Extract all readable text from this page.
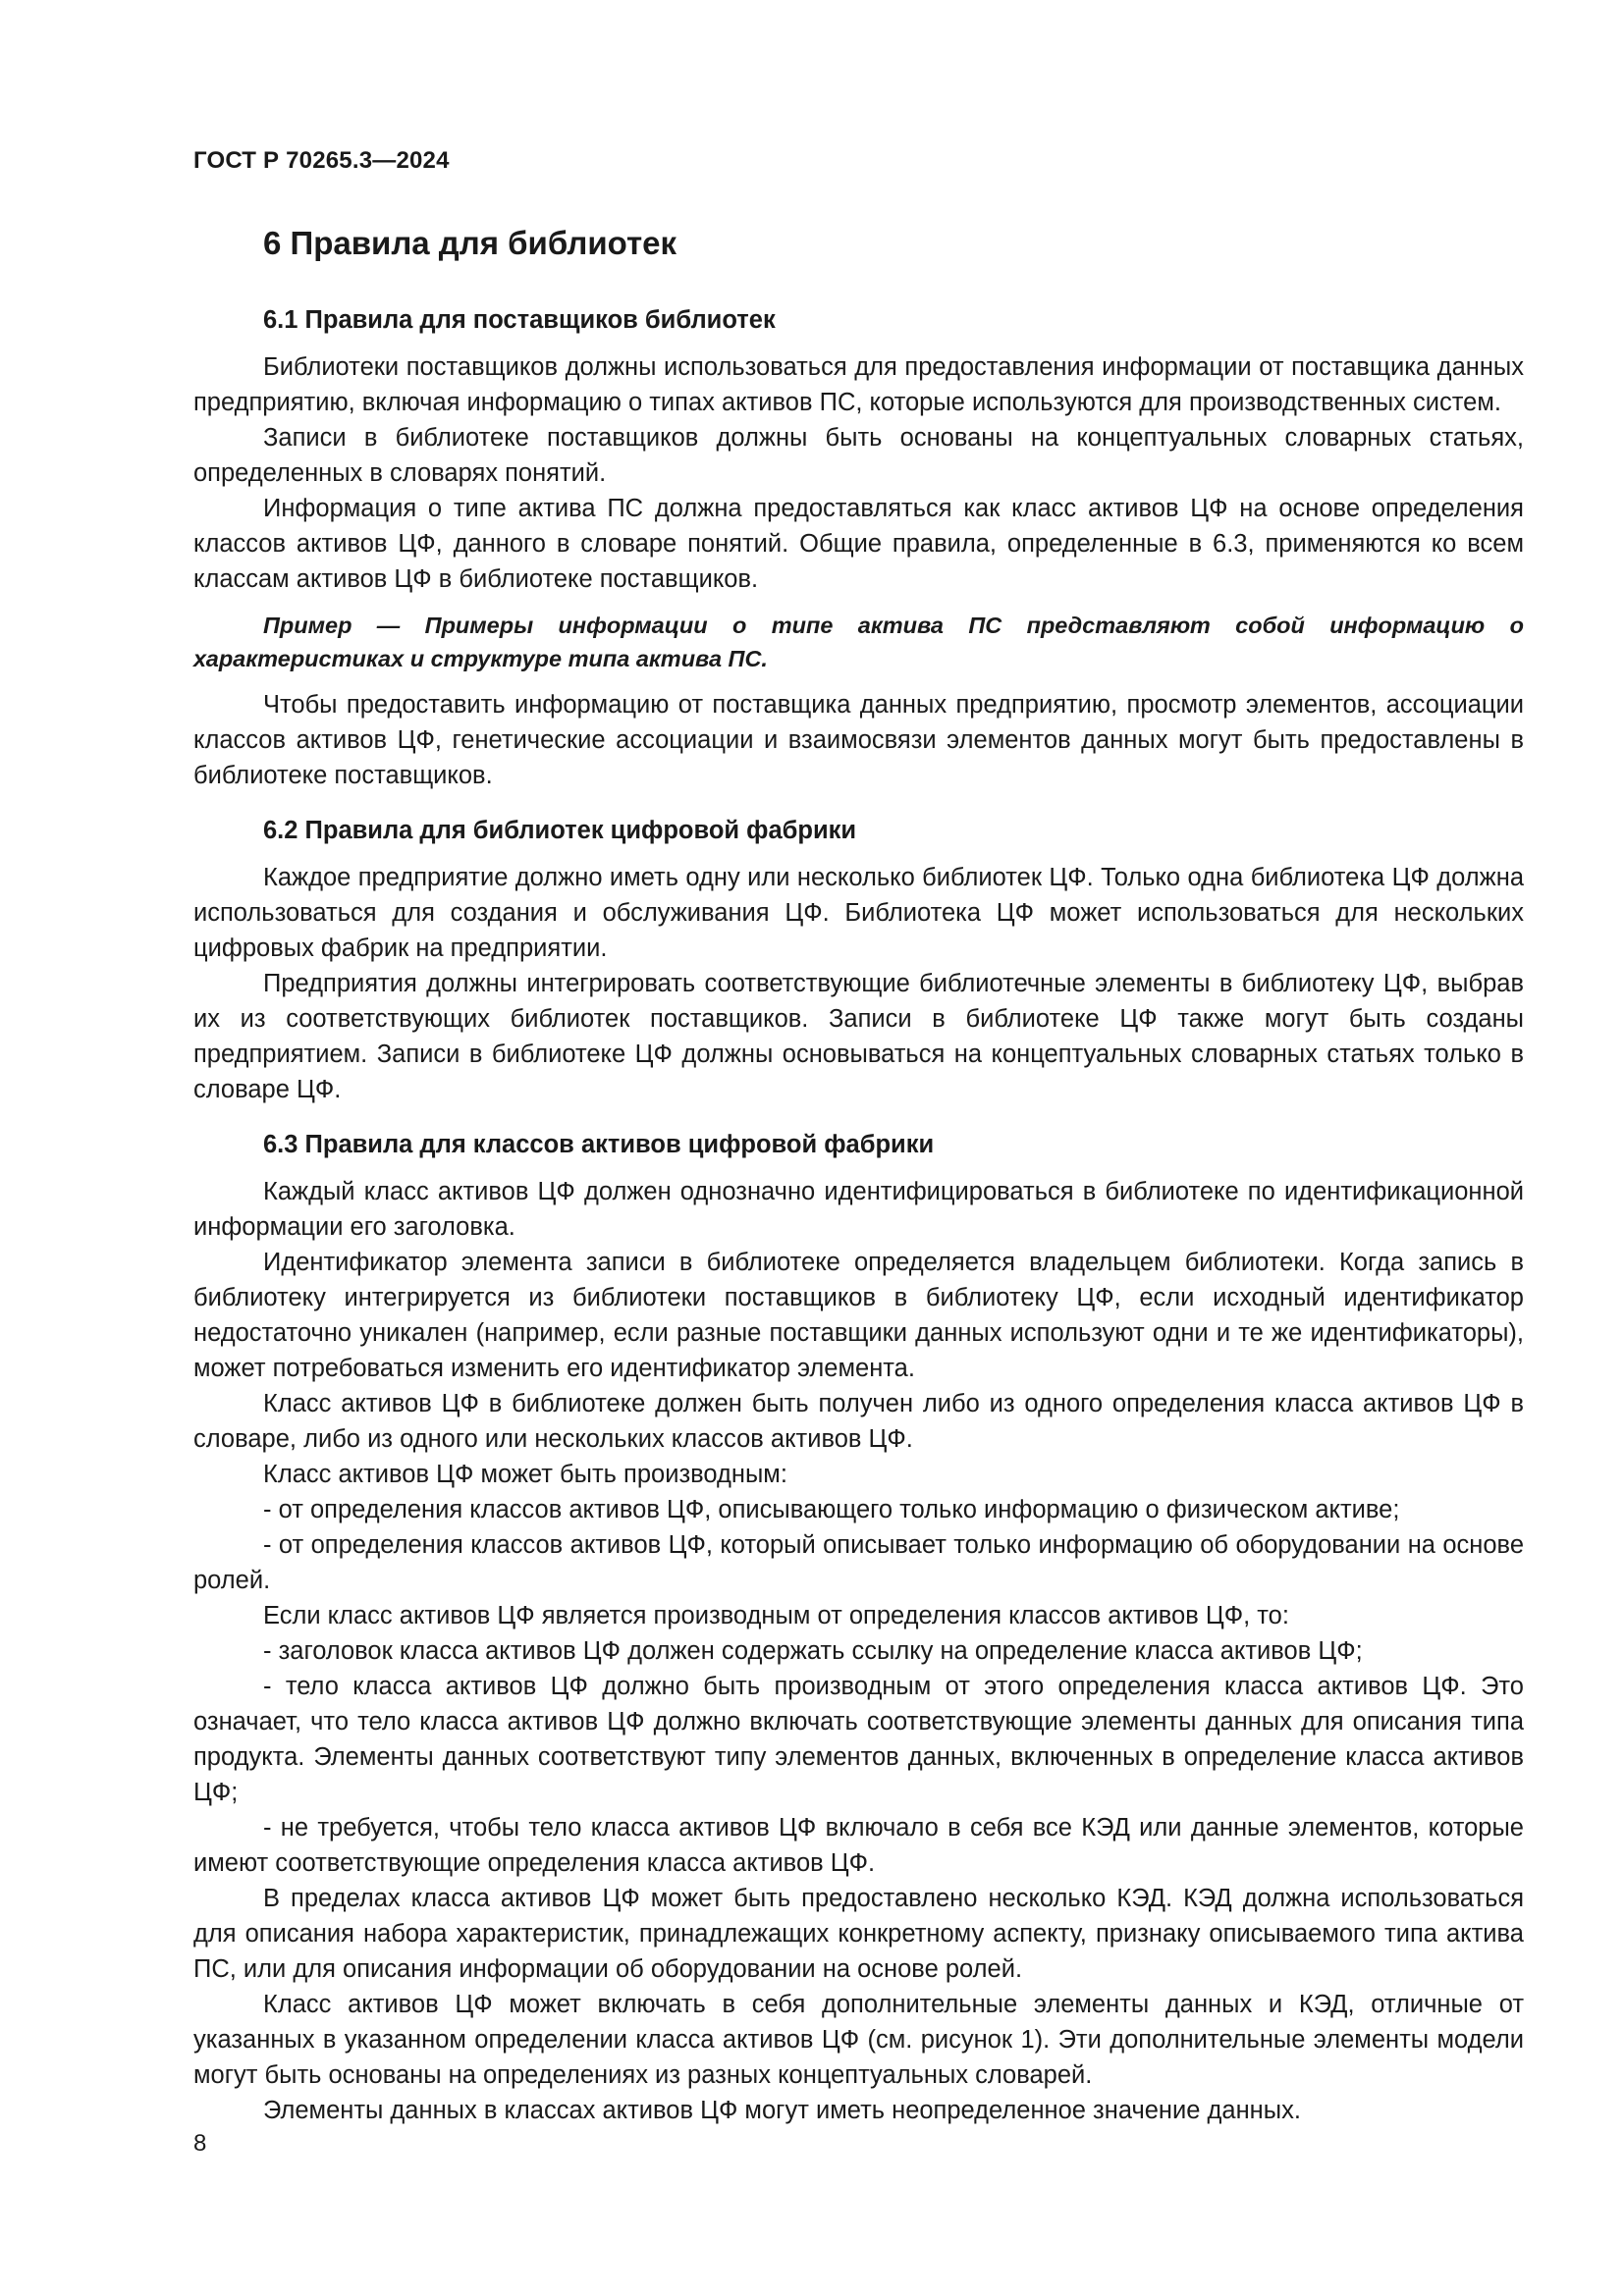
ГОСТ Р 70265.3—2024
6 Правила для библиотек
6.1 Правила для поставщиков библиотек

Библиотеки поставщиков должны использоваться для предоставления информации от поставщика данных предприятию, включая информацию о типах активов ПС, которые используются для производственных систем.

Записи в библиотеке поставщиков должны быть основаны на концептуальных словарных статьях, определенных в словарях понятий.

Информация о типе актива ПС должна предоставляться как класс активов ЦФ на основе определения классов активов ЦФ, данного в словаре понятий. Общие правила, определенные в 6.3, применяются ко всем классам активов ЦФ в библиотеке поставщиков.

Пример — Примеры информации о типе актива ПС представляют собой информацию о характеристиках и структуре типа актива ПС.

Чтобы предоставить информацию от поставщика данных предприятию, просмотр элементов, ассоциации классов активов ЦФ, генетические ассоциации и взаимосвязи элементов данных могут быть предоставлены в библиотеке поставщиков.

6.2 Правила для библиотек цифровой фабрики

Каждое предприятие должно иметь одну или несколько библиотек ЦФ. Только одна библиотека ЦФ должна использоваться для создания и обслуживания ЦФ. Библиотека ЦФ может использоваться для нескольких цифровых фабрик на предприятии.

Предприятия должны интегрировать соответствующие библиотечные элементы в библиотеку ЦФ, выбрав их из соответствующих библиотек поставщиков. Записи в библиотеке ЦФ также могут быть созданы предприятием. Записи в библиотеке ЦФ должны основываться на концептуальных словарных статьях только в словаре ЦФ.

6.3 Правила для классов активов цифровой фабрики

Каждый класс активов ЦФ должен однозначно идентифицироваться в библиотеке по идентификационной информации его заголовка.

Идентификатор элемента записи в библиотеке определяется владельцем библиотеки. Когда запись в библиотеку интегрируется из библиотеки поставщиков в библиотеку ЦФ, если исходный идентификатор недостаточно уникален (например, если разные поставщики данных используют одни и те же идентификаторы), может потребоваться изменить его идентификатор элемента.

Класс активов ЦФ в библиотеке должен быть получен либо из одного определения класса активов ЦФ в словаре, либо из одного или нескольких классов активов ЦФ.

Класс активов ЦФ может быть производным:

- от определения классов активов ЦФ, описывающего только информацию о физическом активе;

- от определения классов активов ЦФ, который описывает только информацию об оборудовании на основе ролей.

Если класс активов ЦФ является производным от определения классов активов ЦФ, то:

- заголовок класса активов ЦФ должен содержать ссылку на определение класса активов ЦФ;

- тело класса активов ЦФ должно быть производным от этого определения класса активов ЦФ. Это означает, что тело класса активов ЦФ должно включать соответствующие элементы данных для описания типа продукта. Элементы данных соответствуют типу элементов данных, включенных в определение класса активов ЦФ;

- не требуется, чтобы тело класса активов ЦФ включало в себя все КЭД или данные элементов, которые имеют соответствующие определения класса активов ЦФ.

В пределах класса активов ЦФ может быть предоставлено несколько КЭД. КЭД должна использоваться для описания набора характеристик, принадлежащих конкретному аспекту, признаку описываемого типа актива ПС, или для описания информации об оборудовании на основе ролей.

Класс активов ЦФ может включать в себя дополнительные элементы данных и КЭД, отличные от указанных в указанном определении класса активов ЦФ (см. рисунок 1). Эти дополнительные элементы модели могут быть основаны на определениях из разных концептуальных словарей.

Элементы данных в классах активов ЦФ могут иметь неопределенное значение данных.

8
